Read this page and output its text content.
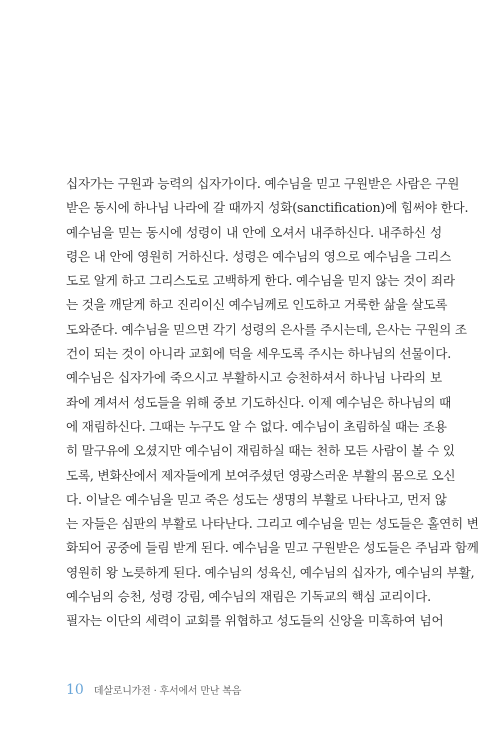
십자가는 구원과 능력의 십자가이다. 예수님을 믿고 구원받은 사람은 구원
받은 동시에 하나님 나라에 갈 때까지 성화(sanctification)에 힘써야 한다.
예수님을 믿는 동시에 성령이 내 안에 오셔서 내주하신다. 내주하신 성
령은 내 안에 영원히 거하신다. 성령은 예수님의 영으로 예수님을 그리스
도로 알게 하고 그리스도로 고백하게 한다. 예수님을 믿지 않는 것이 죄라
는 것을 깨닫게 하고 진리이신 예수님께로 인도하고 거룩한 삶을 살도록
도와준다. 예수님을 믿으면 각기 성령의 은사를 주시는데, 은사는 구원의 조
건이 되는 것이 아니라 교회에 덕을 세우도록 주시는 하나님의 선물이다.
예수님은 십자가에 죽으시고 부활하시고 승천하셔서 하나님 나라의 보
좌에 계셔서 성도들을 위해 중보 기도하신다. 이제 예수님은 하나님의 때
에 재림하신다. 그때는 누구도 알 수 없다. 예수님이 초림하실 때는 조용
히 말구유에 오셨지만 예수님이 재림하실 때는 천하 모든 사람이 볼 수 있
도록, 변화산에서 제자들에게 보여주셨던 영광스러운 부활의 몸으로 오신
다. 이날은 예수님을 믿고 죽은 성도는 생명의 부활로 나타나고, 먼저 않
는 자들은 심판의 부활로 나타난다. 그리고 예수님을 믿는 성도들은 홀연히 변
화되어 공중에 들림 받게 된다. 예수님을 믿고 구원받은 성도들은 주님과 함께
영원히 왕 노릇하게 된다. 예수님의 성육신, 예수님의 십자가, 예수님의 부활,
예수님의 승천, 성령 강림, 예수님의 재림은 기독교의 핵심 교리이다.
필자는 이단의 세력이 교회를 위협하고 성도들의 신앙을 미혹하여 넘어
10 데살로니가전 · 후서에서 만난 복음
